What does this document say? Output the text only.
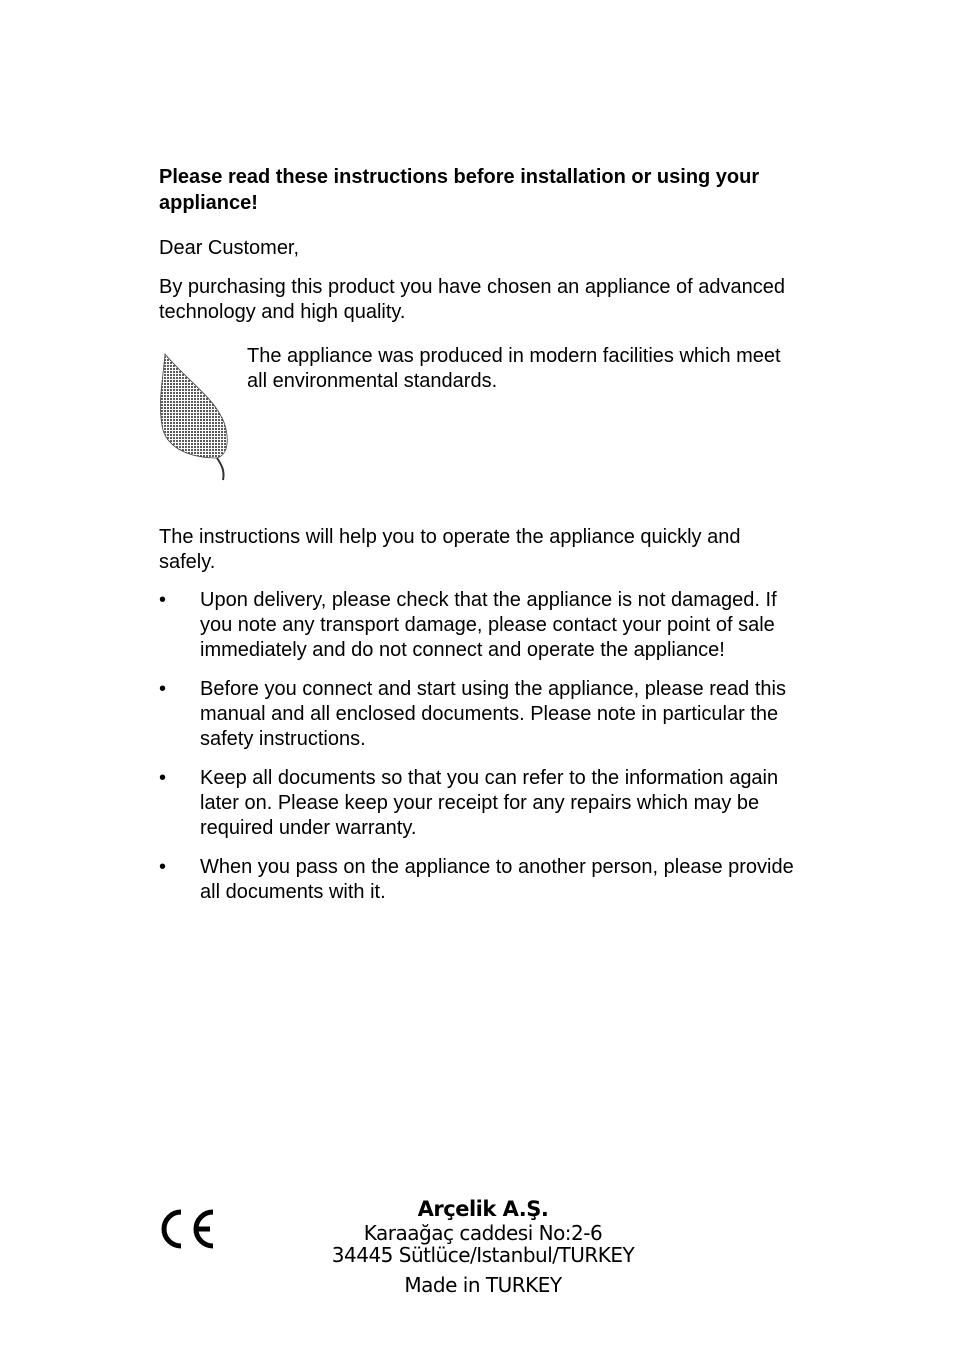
Please read these instructions before installation or using your appliance!

Dear Customer,

By purchasing this product you have chosen an appliance of advanced technology and high quality.

The appliance was produced in modern facilities which meet all environmental standards.

The instructions will help you to operate the appliance quickly and safely.

• Upon delivery, please check that the appliance is not damaged. If you note any transport damage, please contact your point of sale immediately and do not connect and operate the appliance!
• Before you connect and start using the appliance, please read this manual and all enclosed documents. Please note in particular the safety instructions.
• Keep all documents so that you can refer to the information again later on. Please keep your receipt for any repairs which may be required under warranty.
• When you pass on the appliance to another person, please provide all documents with it.
Arçelik A.Ş.
Karaağaç caddesi No:2-6
34445 Sütlüce/Istanbul/TURKEY
Made in TURKEY
